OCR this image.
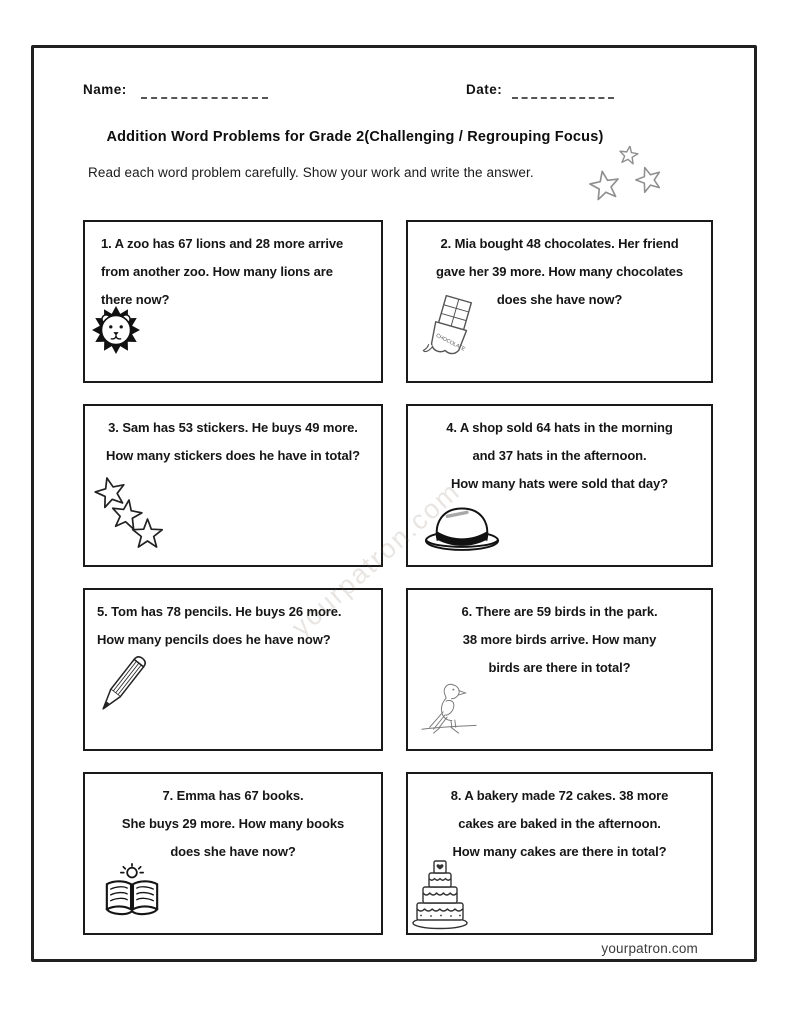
Name:	Date:
Addition Word Problems for Grade 2(Challenging / Regrouping Focus)
Read each word problem carefully. Show your work and write the answer.
1. A zoo has 67 lions and 28 more arrive
from another zoo. How many lions are
there now?
2. Mia bought 48 chocolates. Her friend
gave her 39 more. How many chocolates
does she have now?
CHOCOLATE
3. Sam has 53 stickers. He buys 49 more.
How many stickers does he have in total?
4. A shop sold 64 hats in the morning
and 37 hats in the afternoon.
How many hats were sold that day?
5. Tom has 78 pencils. He buys 26 more.
How many pencils does he have now?
6. There are 59 birds in the park.
38 more birds arrive. How many
birds are there in total?
7. Emma has 67 books.
She buys 29 more. How many books
does she have now?
8. A bakery made 72 cakes. 38 more
cakes are baked in the afternoon.
How many cakes are there in total?
yourpatron.com
yourpatron.com
